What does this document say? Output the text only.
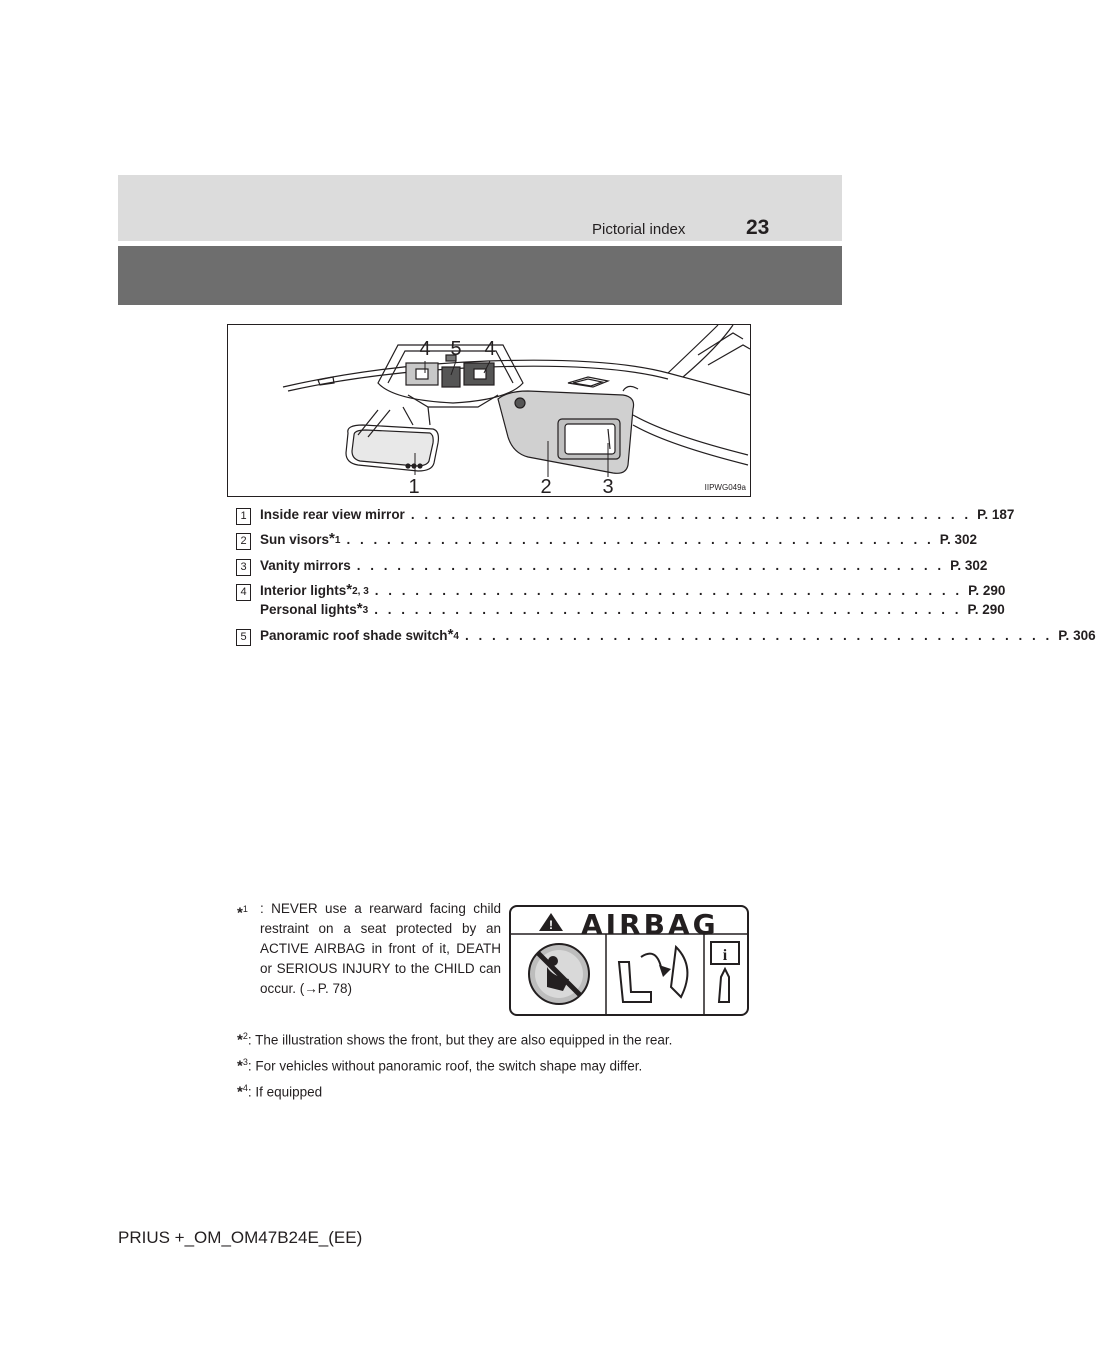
Pictorial index	23
4 5 4
1	2	3	IIPWG049a
1 Inside rear view mirror . . . . . . . . . . . . . . . . . . . . . . . . . . . . . . . . . . . . . . . . . . P. 187
2 Sun visors $^{*1}$ . . . . . . . . . . . . . . . . . . . . . . . . . . . . . . . . . . . . . . . . . . . . P. 302
3 Vanity mirrors . . . . . . . . . . . . . . . . . . . . . . . . . . . . . . . . . . . . . . . . . . . . P. 302
4 Interior lights $^{*2, 3}$ . . . . . . . . . . . . . . . . . . . . . . . . . . . . . . . . . . . . . . . . . . . . P. 290
Personal lights $^{*3}$ . . . . . . . . . . . . . . . . . . . . . . . . . . . . . . . . . . . . . . . . . . . . P. 290
5 Panoramic roof shade switch $^{*4}$ . . . . . . . . . . . . . . . . . . . . . . . . . . . . . . . . . . . . . . . . . . . . P. 306
*$^1$ : NEVER use a rearward facing child restraint on a seat protected by an ACTIVE AIRBAG in front of it, DEATH or SERIOUS INJURY to the CHILD can occur. (→P. 78)
!
i
AIRBAG
*$^2$: The illustration shows the front, but they are also equipped in the rear.
*$^3$: For vehicles without panoramic roof, the switch shape may differ.
*$^4$: If equipped
PRIUS +_OM_OM47B24E_(EE)
